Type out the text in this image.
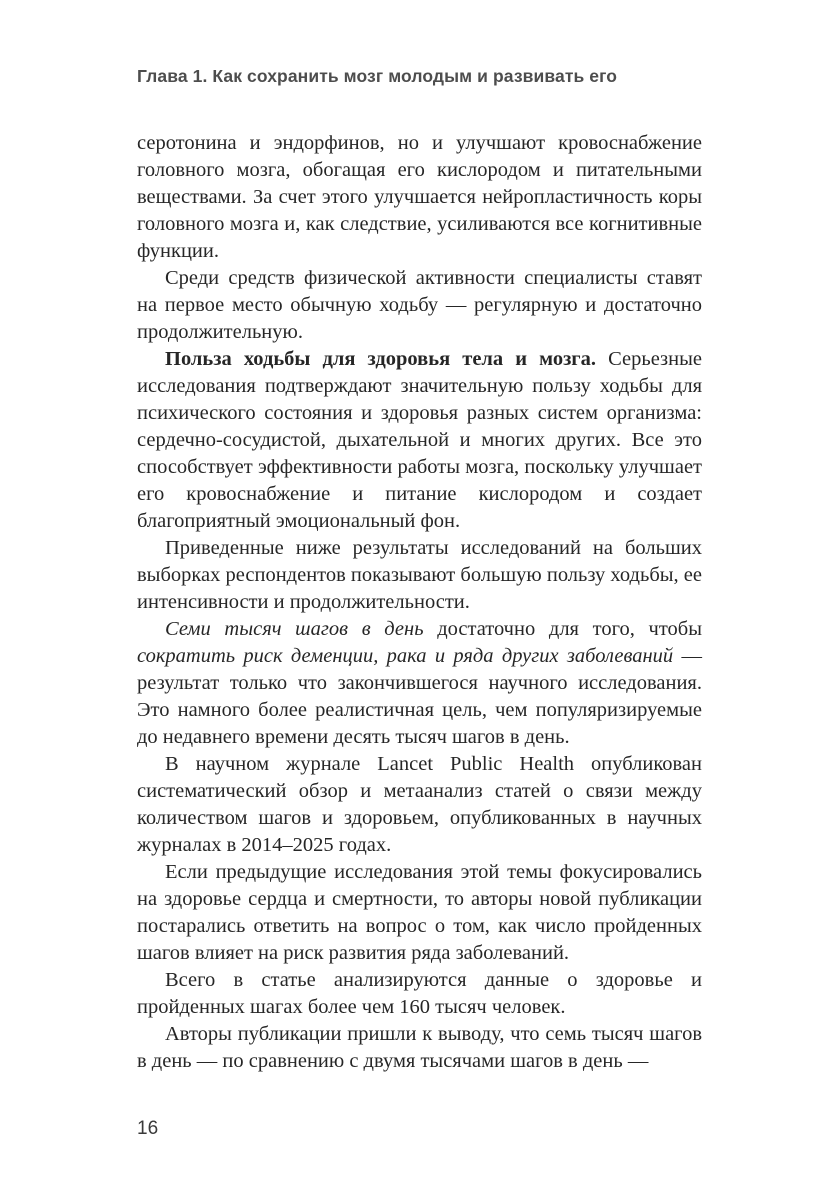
Глава 1. Как сохранить мозг молодым и развивать его

серотонина и эндорфинов, но и улучшают кровоснабжение головного мозга, обогащая его кислородом и питательными веществами. За счет этого улучшается нейропластичность коры головного мозга и, как следствие, усиливаются все когнитивные функции.

Среди средств физической активности специалисты ставят на первое место обычную ходьбу — регулярную и достаточно продолжительную.

Польза ходьбы для здоровья тела и мозга. Серьезные исследования подтверждают значительную пользу ходьбы для психического состояния и здоровья разных систем организма: сердечно-сосудистой, дыхательной и многих других. Все это способствует эффективности работы мозга, поскольку улучшает его кровоснабжение и питание кислородом и создает благоприятный эмоциональный фон.

Приведенные ниже результаты исследований на больших выборках респондентов показывают большую пользу ходьбы, ее интенсивности и продолжительности.

Семи тысяч шагов в день достаточно для того, чтобы сократить риск деменции, рака и ряда других заболеваний — результат только что закончившегося научного исследования. Это намного более реалистичная цель, чем популяризируемые до недавнего времени десять тысяч шагов в день.

В научном журнале Lancet Public Health опубликован систематический обзор и метаанализ статей о связи между количеством шагов и здоровьем, опубликованных в научных журналах в 2014–2025 годах.

Если предыдущие исследования этой темы фокусировались на здоровье сердца и смертности, то авторы новой публикации постарались ответить на вопрос о том, как число пройденных шагов влияет на риск развития ряда заболеваний.

Всего в статье анализируются данные о здоровье и пройденных шагах более чем 160 тысяч человек.

Авторы публикации пришли к выводу, что семь тысяч шагов в день — по сравнению с двумя тысячами шагов в день —

16
